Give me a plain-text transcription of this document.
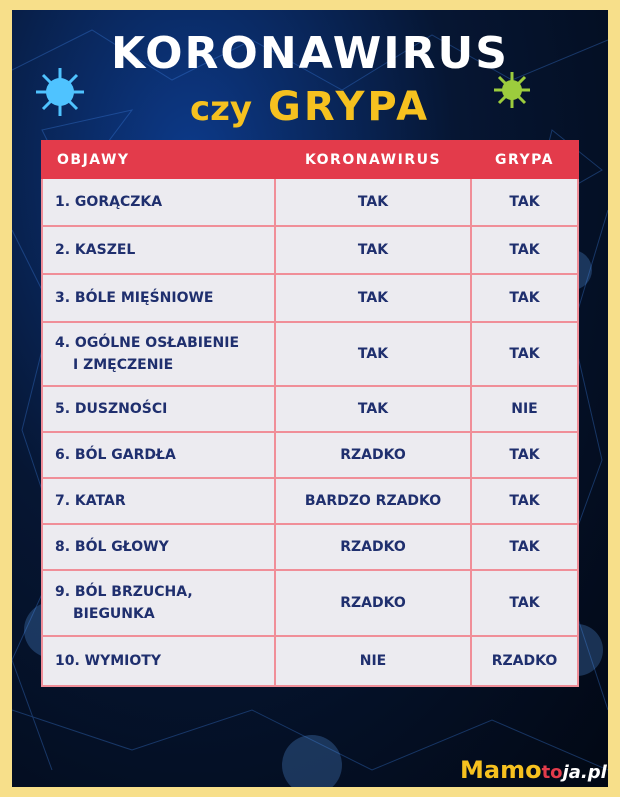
KORONAWIRUS
czy GRYPA
OBJAWY	KORONAWIRUS	GRYPA
1. GORĄCZKA	TAK	TAK
2. KASZEL	TAK	TAK
3. BÓLE MIĘŚNIOWE	TAK	TAK

4. OGÓLNE OSŁABIENIE
I ZMĘCZENIE	TAK	TAK
5. DUSZNOŚCI	TAK	NIE
6. BÓL GARDŁA	RZADKO	TAK
7. KATAR	BARDZO RZADKO	TAK
8. BÓL GŁOWY	RZADKO	TAK

9. BÓL BRZUCHA,
BIEGUNKA	RZADKO	TAK
10. WYMIOTY	NIE	RZADKO
Mamotoja.pl
